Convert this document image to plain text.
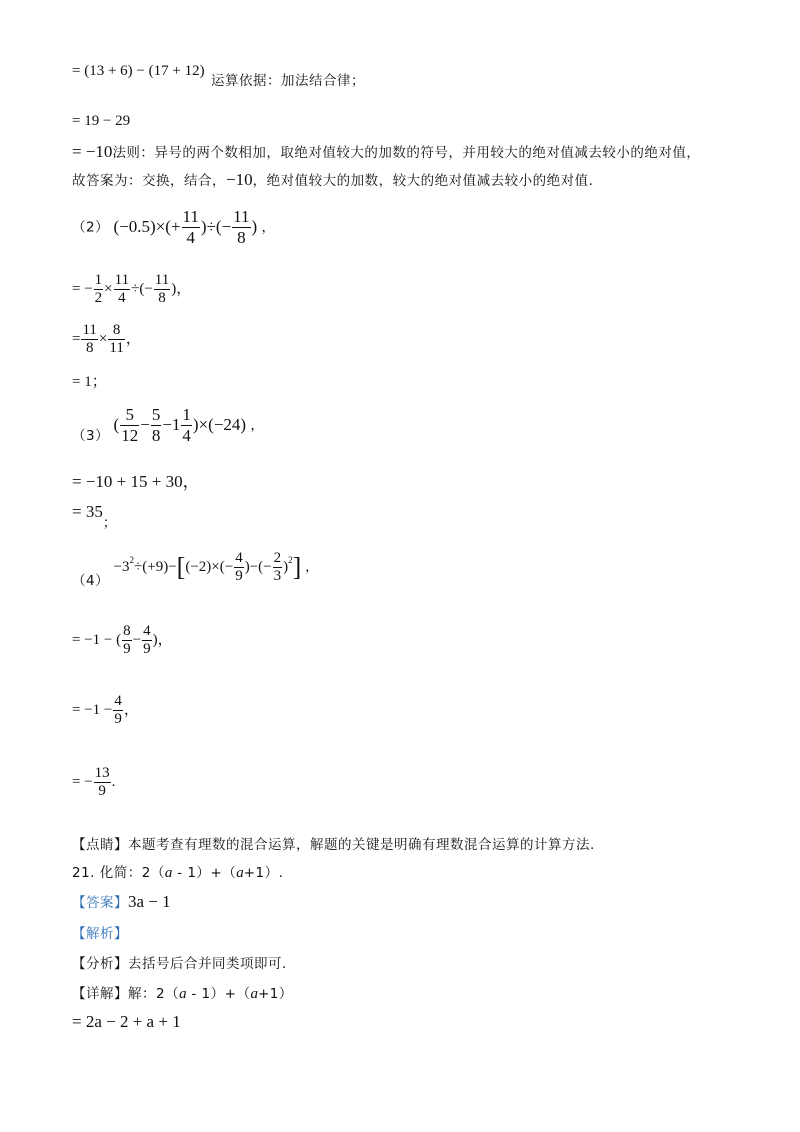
= (13 + 6) − (17 + 12) 运算依据：加法结合律；
= 19 − 29
= −10法则：异号的两个数相加，取绝对值较大的加数的符号，并用较大的绝对值减去较小的绝对值，
故答案为：交换，结合，−10，绝对值较大的加数，较大的绝对值减去较小的绝对值.
（2） $(-0.5)\times(+ \frac{11}{4}$ )÷(− $\frac{11}{8}$ ) ，
= − $\frac{1}{2} \times \frac{11}{4}$ ÷(− $\frac{11}{8}$ )，
= $\frac{11}{8} \times \frac{8}{11}$ ，
= 1；
（3） ( $\frac{5}{12} - \frac{5}{8} -1 \frac{1}{4} )\times(-24)$ ，
= −10 + 15 + 30，
= 35；
$(4) -3^2\div(+9)-[(-2)\times(- \frac{4}{9}$ )−(− $\frac{2}{3} )^2$] ，
= −1 − ( $\frac{8}{9} - \frac{4}{9}$ )，
= $-1 - \frac{4}{9}$ ，
= − $\frac{13}{9}$ .
【点睛】本题考查有理数的混合运算，解题的关键是明确有理数混合运算的计算方法.
21. 化简：2（a - 1）+（a+1）.
【答案】3a − 1
【解析】
【分析】去括号后合并同类项即可.
【详解】解：2（a - 1）+（a+1）
= 2a − 2 + a + 1
